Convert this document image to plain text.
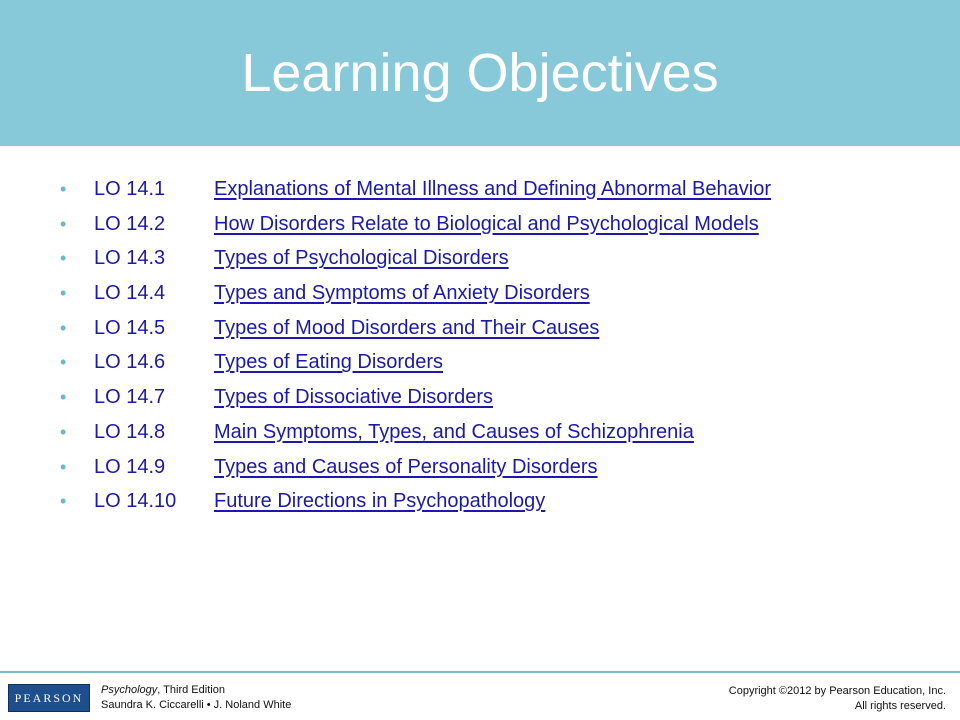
Learning Objectives
• LO 14.1 Explanations of Mental Illness and Defining Abnormal Behavior
• LO 14.2 How Disorders Relate to Biological and Psychological Models
• LO 14.3 Types of Psychological Disorders
• LO 14.4 Types and Symptoms of Anxiety Disorders
• LO 14.5 Types of Mood Disorders and Their Causes
• LO 14.6 Types of Eating Disorders
• LO 14.7 Types of Dissociative Disorders
• LO 14.8 Main Symptoms, Types, and Causes of Schizophrenia
• LO 14.9 Types and Causes of Personality Disorders
• LO 14.10 Future Directions in Psychopathology
PEARSON
Psychology, Third Edition
Saundra K. Ciccarelli • J. Noland White
Copyright ©2012 by Pearson Education, Inc.
All rights reserved.
